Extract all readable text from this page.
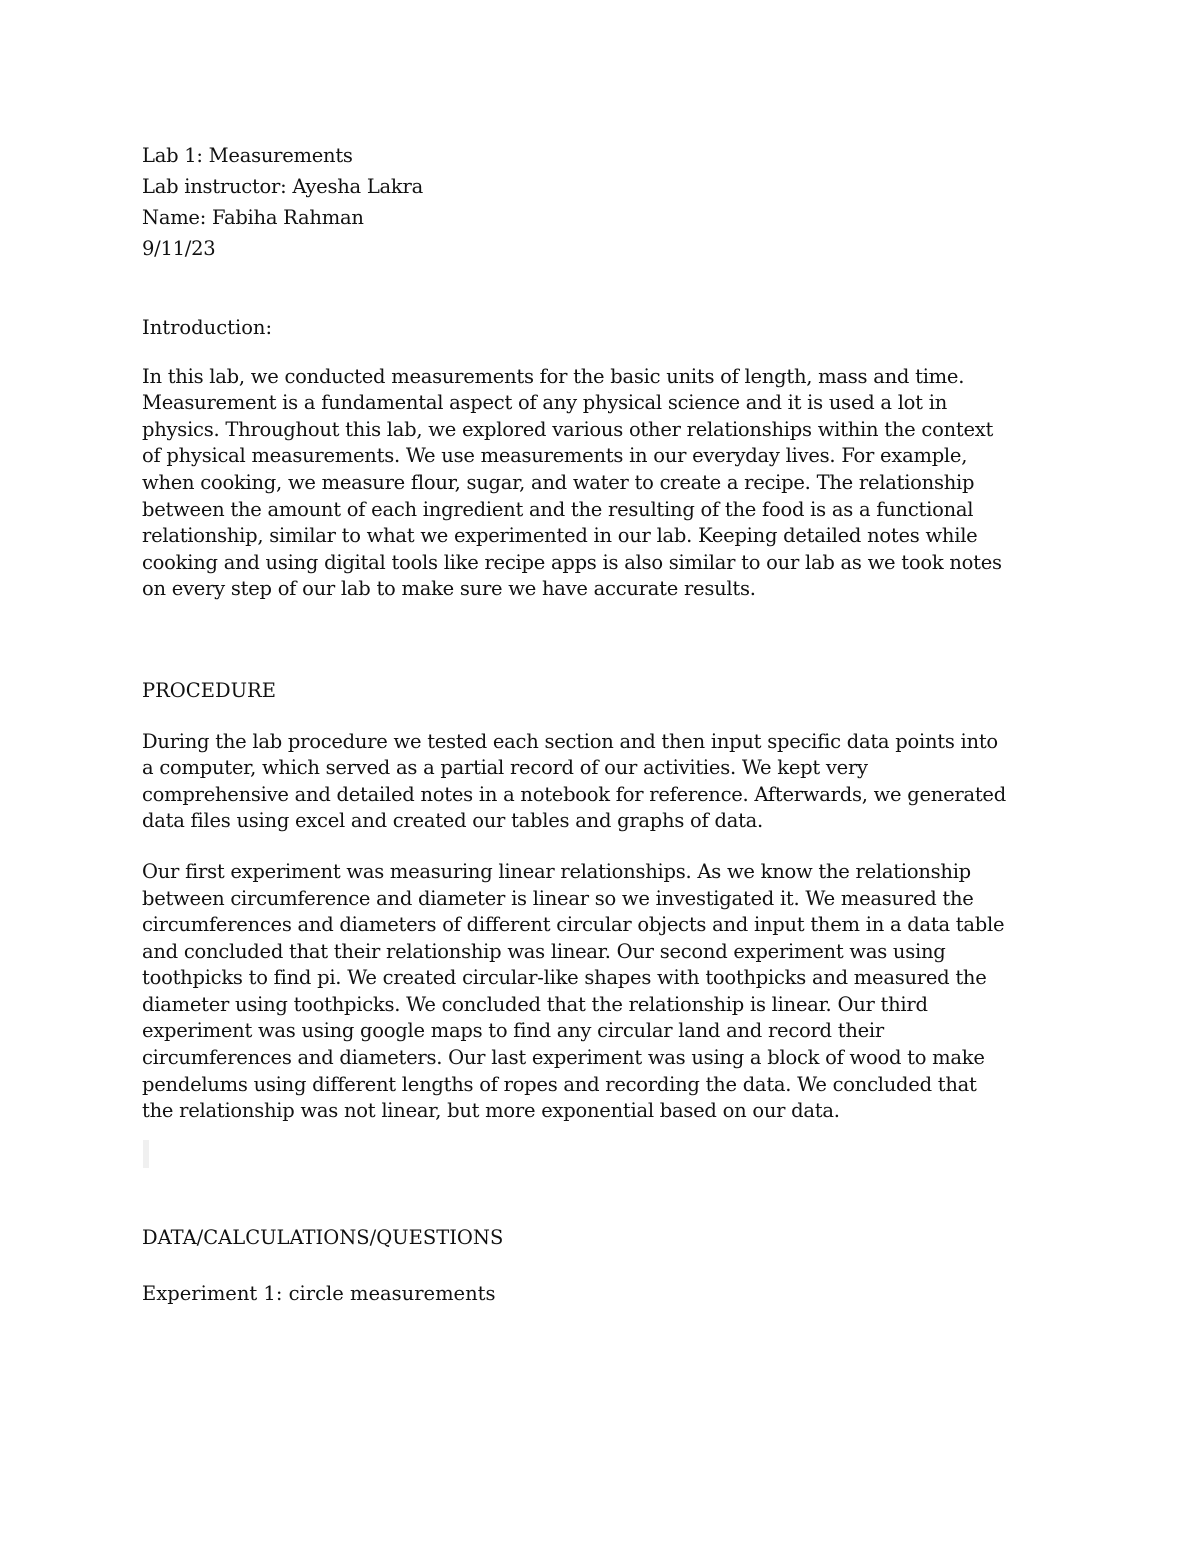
Lab 1: Measurements
Lab instructor: Ayesha Lakra
Name: Fabiha Rahman
9/11/23
Introduction:
In this lab, we conducted measurements for the basic units of length, mass and time.
Measurement is a fundamental aspect of any physical science and it is used a lot in
physics. Throughout this lab, we explored various other relationships within the context
of physical measurements. We use measurements in our everyday lives. For example,
when cooking, we measure flour, sugar, and water to create a recipe. The relationship
between the amount of each ingredient and the resulting of the food is as a functional
relationship, similar to what we experimented in our lab. Keeping detailed notes while
cooking and using digital tools like recipe apps is also similar to our lab as we took notes
on every step of our lab to make sure we have accurate results.
PROCEDURE
During the lab procedure we tested each section and then input specific data points into
a computer, which served as a partial record of our activities. We kept very
comprehensive and detailed notes in a notebook for reference. Afterwards, we generated
data files using excel and created our tables and graphs of data.
Our first experiment was measuring linear relationships. As we know the relationship
between circumference and diameter is linear so we investigated it. We measured the
circumferences and diameters of different circular objects and input them in a data table
and concluded that their relationship was linear. Our second experiment was using
toothpicks to find pi. We created circular-like shapes with toothpicks and measured the
diameter using toothpicks. We concluded that the relationship is linear. Our third
experiment was using google maps to find any circular land and record their
circumferences and diameters. Our last experiment was using a block of wood to make
pendelums using different lengths of ropes and recording the data. We concluded that
the relationship was not linear, but more exponential based on our data.
DATA/CALCULATIONS/QUESTIONS
Experiment 1: circle measurements
